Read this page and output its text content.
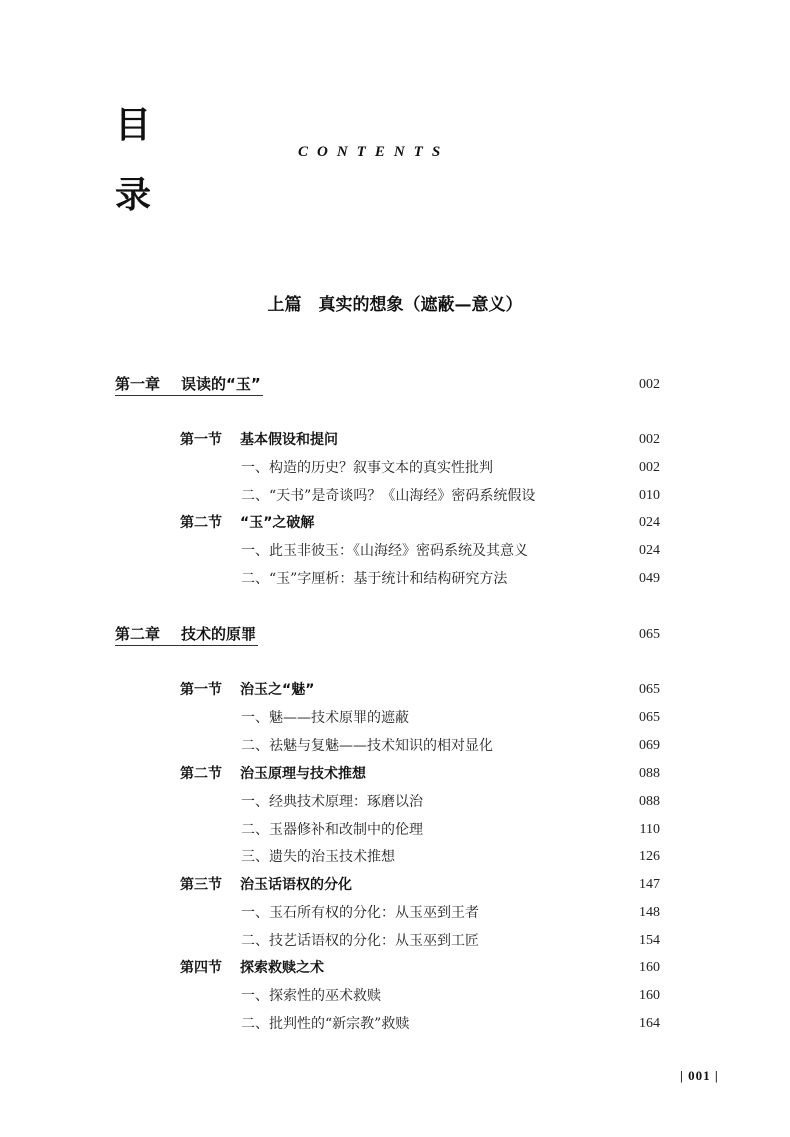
目
录
CONTENTS
上篇　真实的想象（遮蔽—意义）
第一章 误读的“玉”	002
第一节 基本假设和提问	002
一、构造的历史？叙事文本的真实性批判	002
二、“天书”是奇谈吗？《山海经》密码系统假设	010
第二节 “玉”之破解	024
一、此玉非彼玉：《山海经》密码系统及其意义	024
二、“玉”字厘析：基于统计和结构研究方法	049
第二章 技术的原罪	065
第一节 治玉之“魅”	065
一、魅——技术原罪的遮蔽	065
二、祛魅与复魅——技术知识的相对显化	069
第二节 治玉原理与技术推想	088
一、经典技术原理：琢磨以治	088
二、玉器修补和改制中的伦理	110
三、遗失的治玉技术推想	126
第三节 治玉话语权的分化	147
一、玉石所有权的分化：从玉巫到王者	148
二、技艺话语权的分化：从玉巫到工匠	154
第四节 探索救赎之术	160
一、探索性的巫术救赎	160
二、批判性的“新宗教”救赎	164
| 001 |
